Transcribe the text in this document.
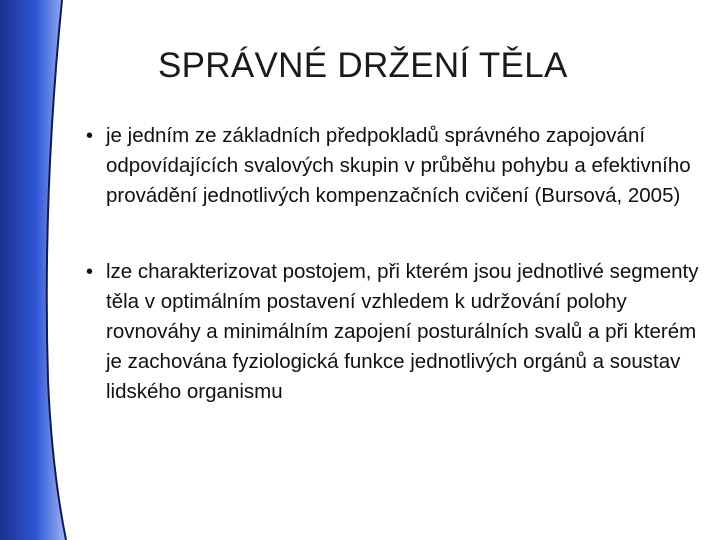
SPRÁVNÉ DRŽENÍ TĚLA
• je jedním ze základních předpokladů správného zapojování odpovídajících svalových skupin v průběhu pohybu a efektivního provádění jednotlivých kompenzačních cvičení (Bursová, 2005)
• lze charakterizovat postojem, při kterém jsou jednotlivé segmenty těla v optimálním postavení vzhledem k udržování polohy rovnováhy a minimálním zapojení posturálních svalů a při kterém je zachována fyziologická funkce jednotlivých orgánů a soustav lidského organismu
